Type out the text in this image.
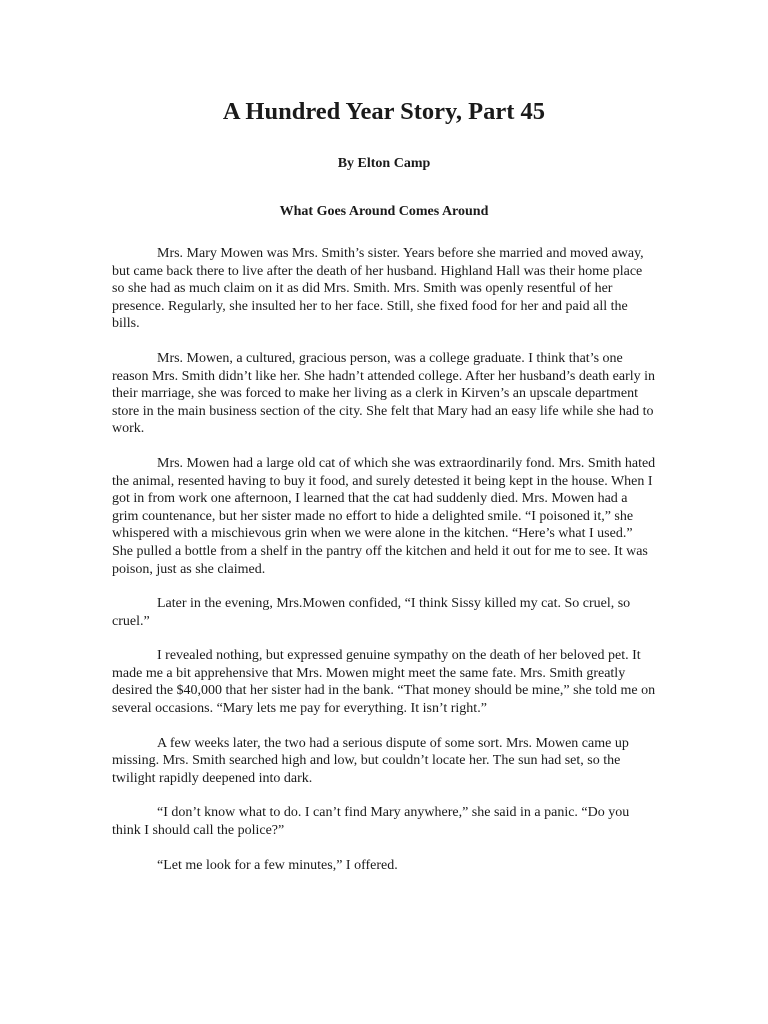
A Hundred Year Story, Part 45
By Elton Camp
What Goes Around Comes Around

Mrs. Mary Mowen was Mrs. Smith’s sister. Years before she married and moved away, but came back there to live after the death of her husband. Highland Hall was their home place so she had as much claim on it as did Mrs. Smith. Mrs. Smith was openly resentful of her presence. Regularly, she insulted her to her face. Still, she fixed food for her and paid all the bills.

Mrs. Mowen, a cultured, gracious person, was a college graduate. I think that’s one reason Mrs. Smith didn’t like her. She hadn’t attended college. After her husband’s death early in their marriage, she was forced to make her living as a clerk in Kirven’s an upscale department store in the main business section of the city. She felt that Mary had an easy life while she had to work.

Mrs. Mowen had a large old cat of which she was extraordinarily fond. Mrs. Smith hated the animal, resented having to buy it food, and surely detested it being kept in the house. When I got in from work one afternoon, I learned that the cat had suddenly died. Mrs. Mowen had a grim countenance, but her sister made no effort to hide a delighted smile. “I poisoned it,” she whispered with a mischievous grin when we were alone in the kitchen. “Here’s what I used.” She pulled a bottle from a shelf in the pantry off the kitchen and held it out for me to see. It was poison, just as she claimed.

Later in the evening, Mrs.Mowen confided, “I think Sissy killed my cat. So cruel, so cruel.”

I revealed nothing, but expressed genuine sympathy on the death of her beloved pet. It made me a bit apprehensive that Mrs. Mowen might meet the same fate. Mrs. Smith greatly desired the $40,000 that her sister had in the bank. “That money should be mine,” she told me on several occasions. “Mary lets me pay for everything. It isn’t right.”

A few weeks later, the two had a serious dispute of some sort. Mrs. Mowen came up missing. Mrs. Smith searched high and low, but couldn’t locate her. The sun had set, so the twilight rapidly deepened into dark.

“I don’t know what to do. I can’t find Mary anywhere,” she said in a panic. “Do you think I should call the police?”

“Let me look for a few minutes,” I offered.
